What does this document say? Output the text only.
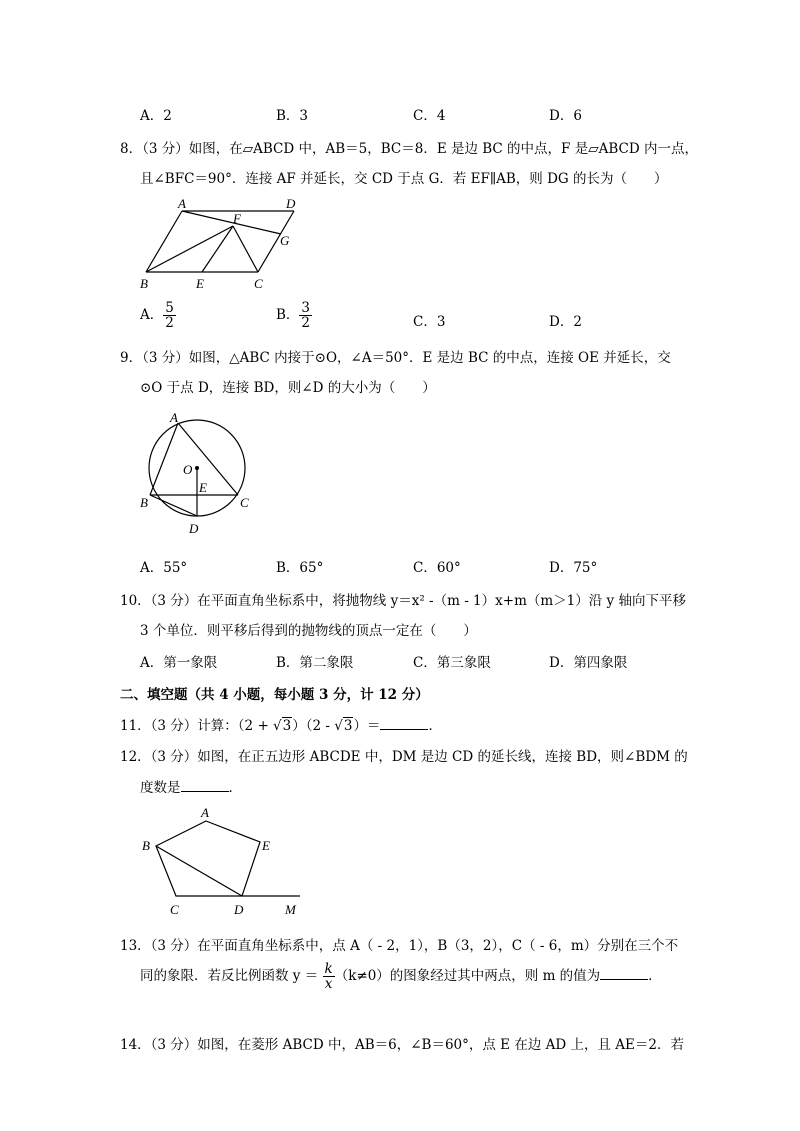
A．2	B．3	C．4	D．6
8．（3 分）如图，在▱ABCD 中，AB＝5，BC＝8．E 是边 BC 的中点，F 是▱ABCD 内一点，
且∠BFC＝90°．连接 AF 并延长，交 CD 于点 G．若 EF∥AB，则 DG 的长为（　　）
A	D
F
G
B	E	C
A． $\frac{5}{2}$	B． $\frac{3}{2}$	C．3	D．2
9．（3 分）如图，△ABC 内接于⊙O，∠A＝50°．E 是边 BC 的中点，连接 OE 并延长，交
⊙O 于点 D，连接 BD，则∠D 的大小为（　　）
A
O
E
B	C
D
A．55°	B．65°	C．60°	D．75°
10．（3 分）在平面直角坐标系中，将抛物线 y＝x² -（m - 1）x+m（m＞1）沿 y 轴向下平移
3 个单位．则平移后得到的抛物线的顶点一定在（　　）
A．第一象限	B．第二象限	C．第三象限	D．第四象限
二、填空题（共 4 小题，每小题 3 分，计 12 分）
11．（3 分）计算：（2 + √3）（2 - √3）＝	．
12．（3 分）如图，在正五边形 ABCDE 中，DM 是边 CD 的延长线，连接 BD，则∠BDM 的
度数是	．
A
B	E
C	D	M
13．（3 分）在平面直角坐标系中，点 A（ - 2，1），B（3，2），C（ - 6，m）分别在三个不
同的象限．若反比例函数 $y = \frac{k}{x} (k\ne 0)$的图象经过其中两点，则 m 的值为	．
14．（3 分）如图，在菱形 ABCD 中，AB＝6，∠B＝60°，点 E 在边 AD 上，且 AE＝2．若
